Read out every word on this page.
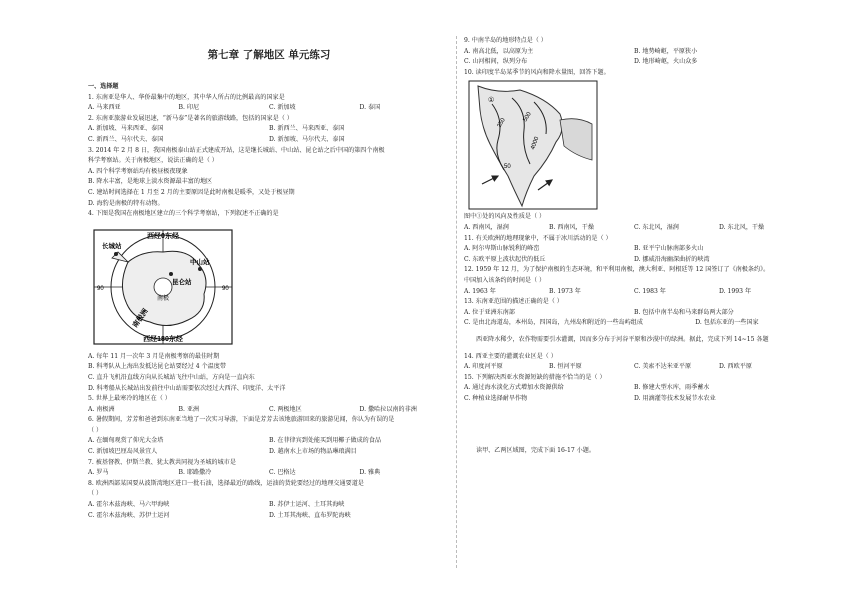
第七章 了解地区 单元练习
一、选择题
1. 东南亚是华人、华侨最集中的地区，其中华人所占的比例最高的国家是
A. 马来西亚	B. 印尼	C. 新加坡	D. 泰国
2. 东南亚旅游业发展迅速，“新马泰”是著名的旅游线路，包括的国家是（ ）
A. 新加坡、马来西亚、泰国	B. 新西兰、马来西亚、泰国
C. 新西兰、马尔代夫、泰国	D. 新加坡、马尔代夫、泰国
3. 2014 年 2 月 8 日，我国南极泰山站正式建成开站，这是继长城站、中山站、昆仑站之后中国的第四个南极
科学考察站。关于南极地区，说法正确的是（ ）
A. 四个科学考察站均有极昼极夜现象
B. 降水丰富，是地球上淡水资源最丰富的地区
C. 建站时间选择在 1 月至 2 月的主要原因是此时南极是暖季，又处于极昼期
D. 海豹是南极的特有动物。
4. 下图是我国在南极地区建立的三个科学考察站，下列叙述不正确的是
西经0东经
西经180东经
90	90
长城站
中山站
昆仑站
南极
南极洲
A. 每年 11 月一次年 3 月是南极考察的最佳时期
B. 科考队从上海出发抵达昆仑站要经过 4 个温度带
C. 直升飞机沿直线方向从长城站飞往中山站，方向是一直向东
D. 科考船从长城站出发前往中山站需要依次经过大西洋、印度洋、太平洋
5. 世界上最寒冷的地区在（ ）
A. 南极洲	B. 亚洲	C. 两极地区	D. 撒哈拉以南的非洲
6. 暑假期间，芳芳和爸爸到东南亚当地了一次实习导游，下面是芳芳去该地旅游回来的旅游见闻，你认为有误的是
（ ）
A. 在缅甸观赏了仰光大金塔	B. 在菲律宾到处能买到用椰子做成的食品
C. 新加坡巴厘岛风景宜人	D. 越南水上市场的物品琳琅满目
7. 被基督教、伊斯兰教、犹太教共同视为圣城的城市是
A. 罗马	B. 耶路撒冷	C. 巴格达	D. 雅典
8. 欧洲西部某国要从波斯湾地区进口一批石油，选择最近的路线，运油的货轮要经过的地理交通要道是
（ ）
A. 霍尔木兹海峡、马六甲海峡	B. 苏伊士运河、土耳其海峡
C. 霍尔木兹海峡、苏伊士运河	D. 土耳其海峡、直布罗陀海峡
9. 中南半岛的地形特点是（ ）
A. 南高北低，以高原为主	B. 地势崎岖，平原狭小
C. 山河相间，纵列分布	D. 地形崎岖，火山众多
10. 读印度半岛某季节的风向和降水量图，回答下题。
①
250
500
4000
50
图中①处的风向及性质是（ ）
A. 西南风，湿润	B. 西南风，干燥	C. 东北风，湿润	D. 东北风，干燥
11. 有关欧洲的地理现象中，不属于冰川活动的是（ ）
A. 阿尔卑斯山脉锐利的峰峦	B. 亚平宁山脉南部多火山
C. 东欧平原上波状起伏的低丘	D. 挪威沿海幽深曲折的峡湾
12. 1959 年 12 月，为了保护南极的生态环境，和平利用南极，澳大利亚、阿根廷等 12 国签订了《南极条约》。
中国加入该条约的时间是（ ）
A. 1963 年	B. 1973 年	C. 1983 年	D. 1993 年
13. 东南亚范围的描述正确的是（ ）
A. 位于亚洲东南部	B. 包括中南半岛和马来群岛两大部分
C. 是由北海道岛，本州岛，四国岛，九州岛和附近的一些岛屿组成	D. 包括东亚的一些国家
西亚降水稀少，农作物需要引水灌溉，因而多分布于河谷平原和沙漠中的绿洲。据此，完成下列 14~15 各题
14. 西亚主要的灌溉农业区是（ ）
A. 印度河平原	B. 恒河平原	C. 美索不达米亚平原	D. 西欧平原
15. 下列解决西亚水资源短缺的措施不恰当的是（ ）
A. 通过海水淡化方式增加水资源供给	B. 修建大型水库，雨季蓄水
C. 种植业选择耐旱作物	D. 用滴灌等技术发展节水农业
读甲、乙两区域图，完成下面 16-17 小题。
